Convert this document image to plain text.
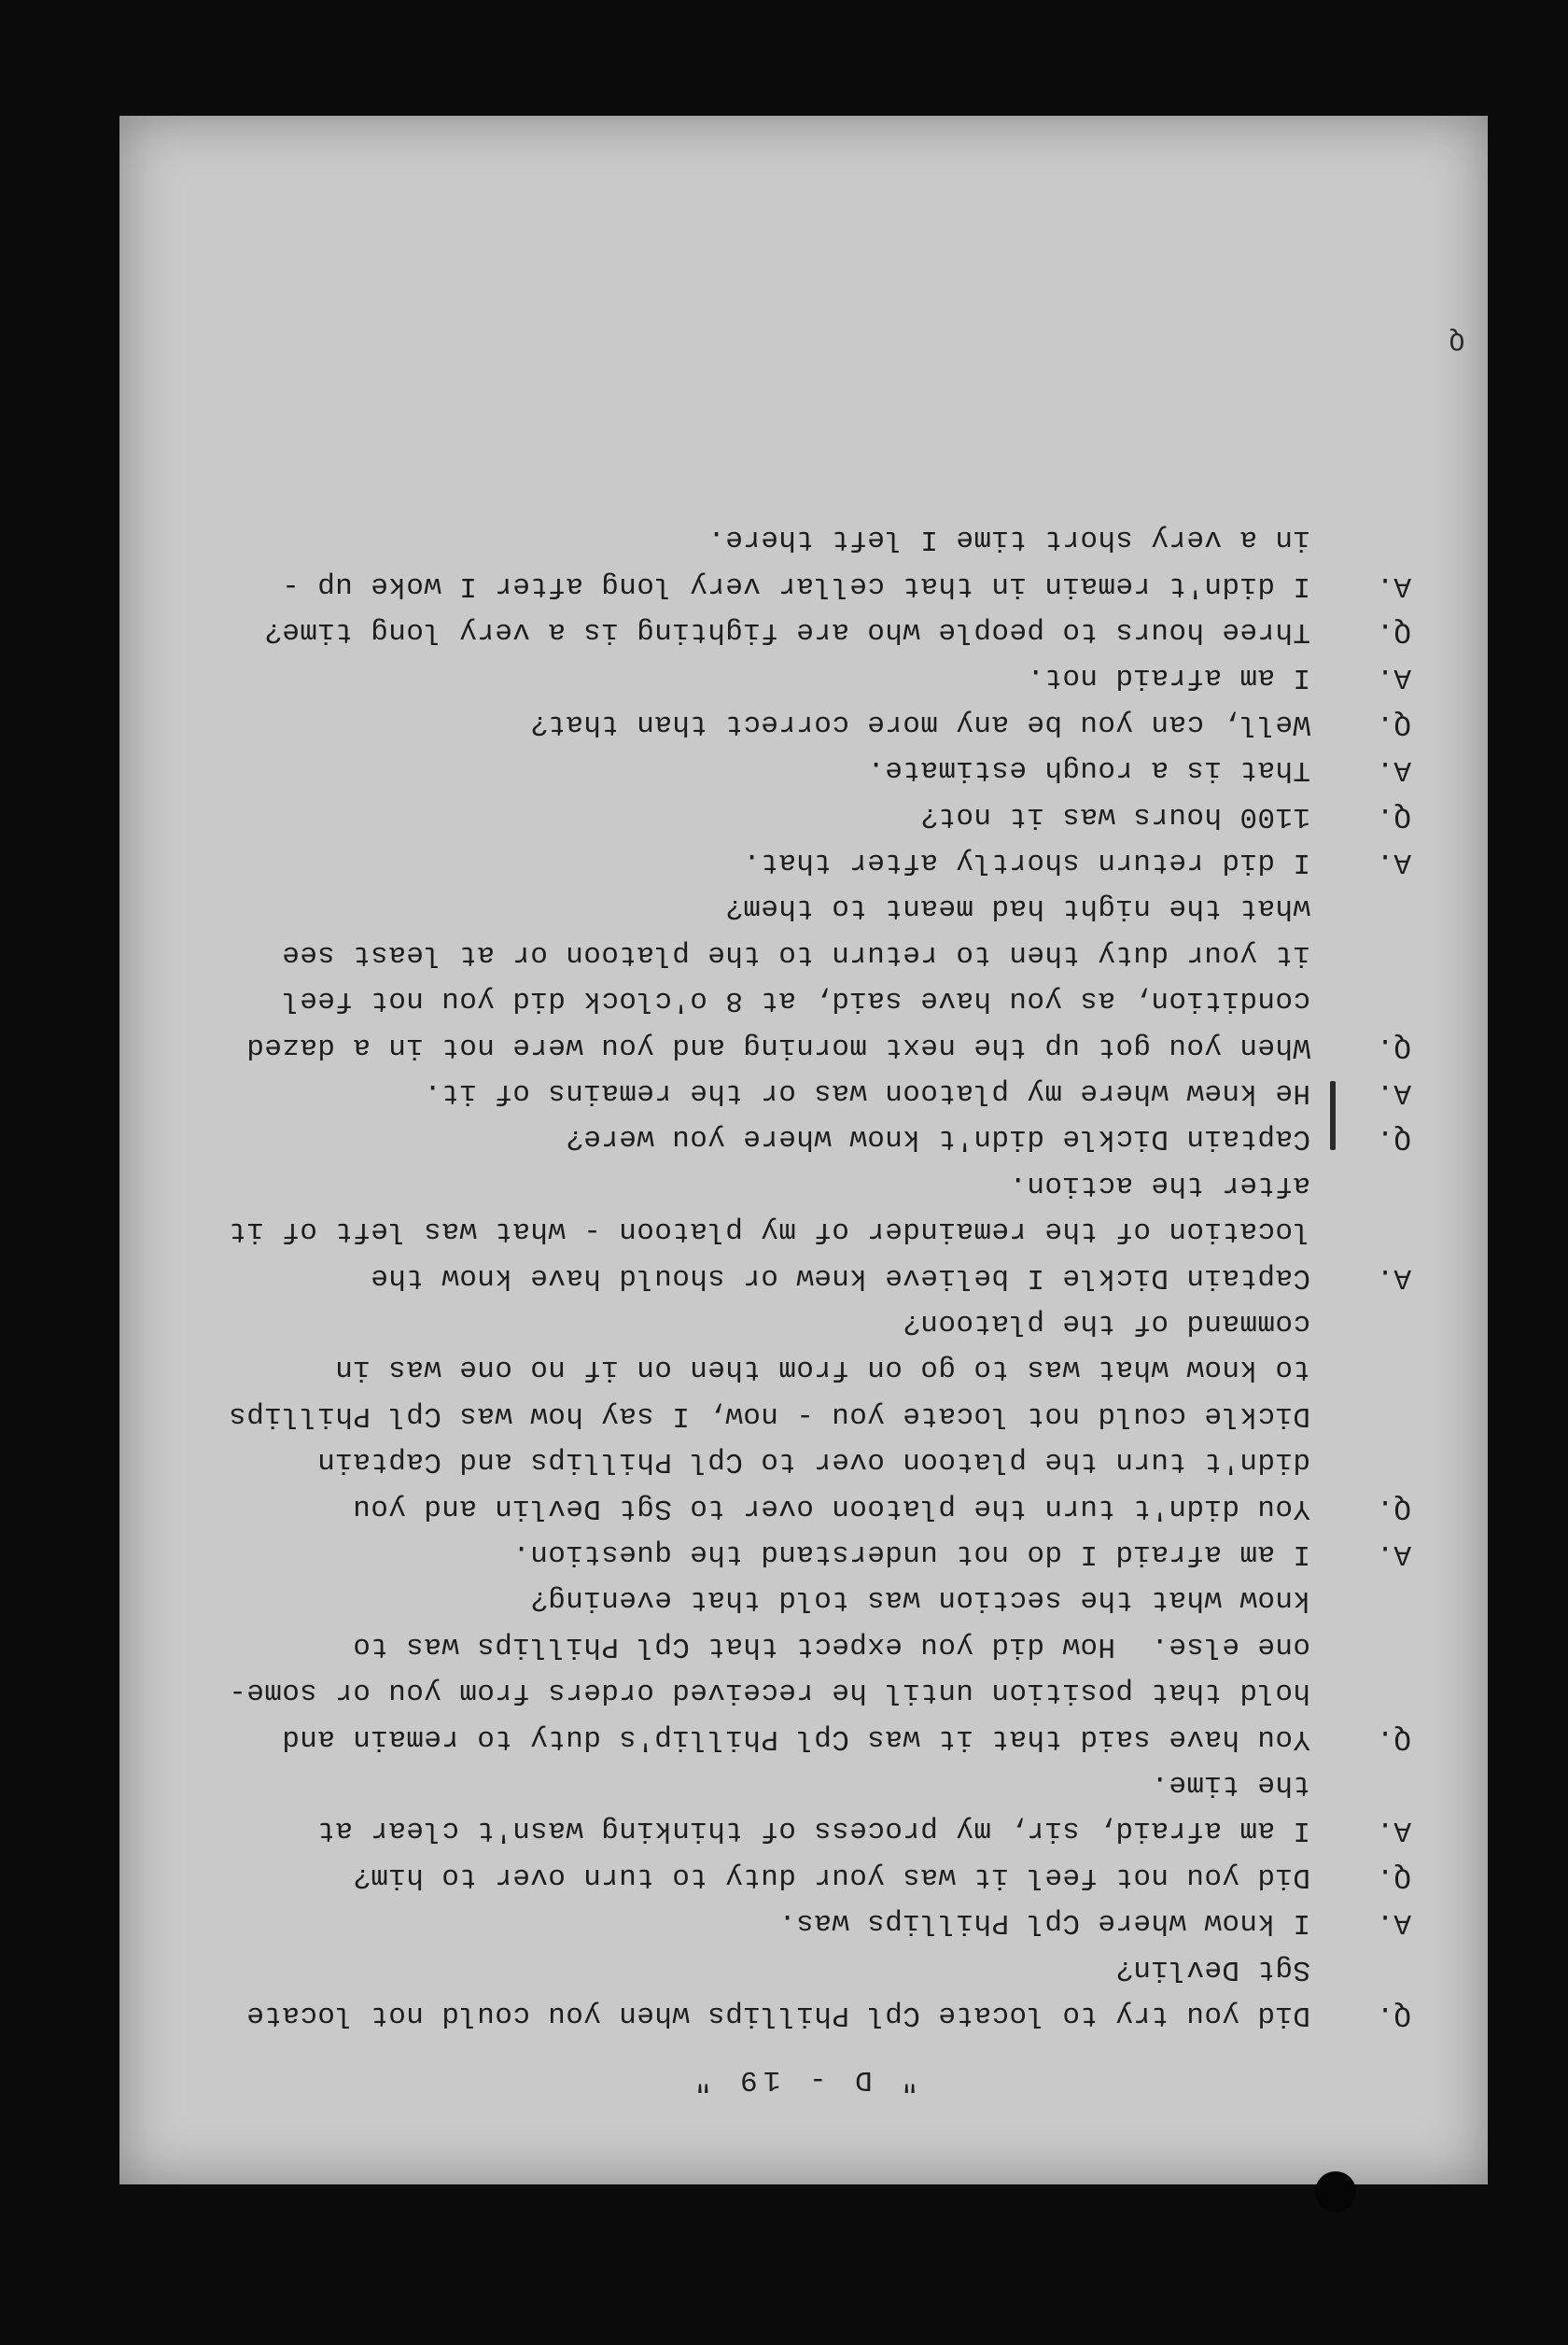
" D - 19 "
Q.
Did you try to locate Cpl Phillips when you could not locate
Sgt Devlin?
A.
I know where Cpl Phillips was.
Q.
Did you not feel it was your duty to turn over to him?
A.
I am afraid, sir, my process of thinking wasn't clear at
the time.
Q.
You have said that it was Cpl Phillip's duty to remain and
hold that position until he received orders from you or some-
one else.  How did you expect that Cpl Phillips was to
know what the section was told that evening?
A.
I am afraid I do not understand the question.
Q.
You didn't turn the platoon over to Sgt Devlin and you
didn't turn the platoon over to Cpl Phillips and Captain
Dickle could not locate you - now, I say how was Cpl Phillips
to know what was to go on from then on if no one was in
command of the platoon?
A.
Captain Dickle I believe knew or should have know the
location of the remainder of my platoon - what was left of it
after the action.
Q.
Captain Dickle didn't know where you were?
A.
He knew where my platoon was or the remains of it.
Q.
When you got up the next morning and you were not in a dazed
condition, as you have said, at 8 o'clock did you not feel
it your duty then to return to the platoon or at least see
what the night had meant to them?
A.
I did return shortly after that.
Q.
1100 hours was it not?
A.
That is a rough estimate.
Q.
Well, can you be any more correct than that?
A.
I am afraid not.
Q.
Three hours to people who are fighting is a very long time?
A.
I didn't remain in that cellar very long after I woke up -
in a very short time I left there.
Q
